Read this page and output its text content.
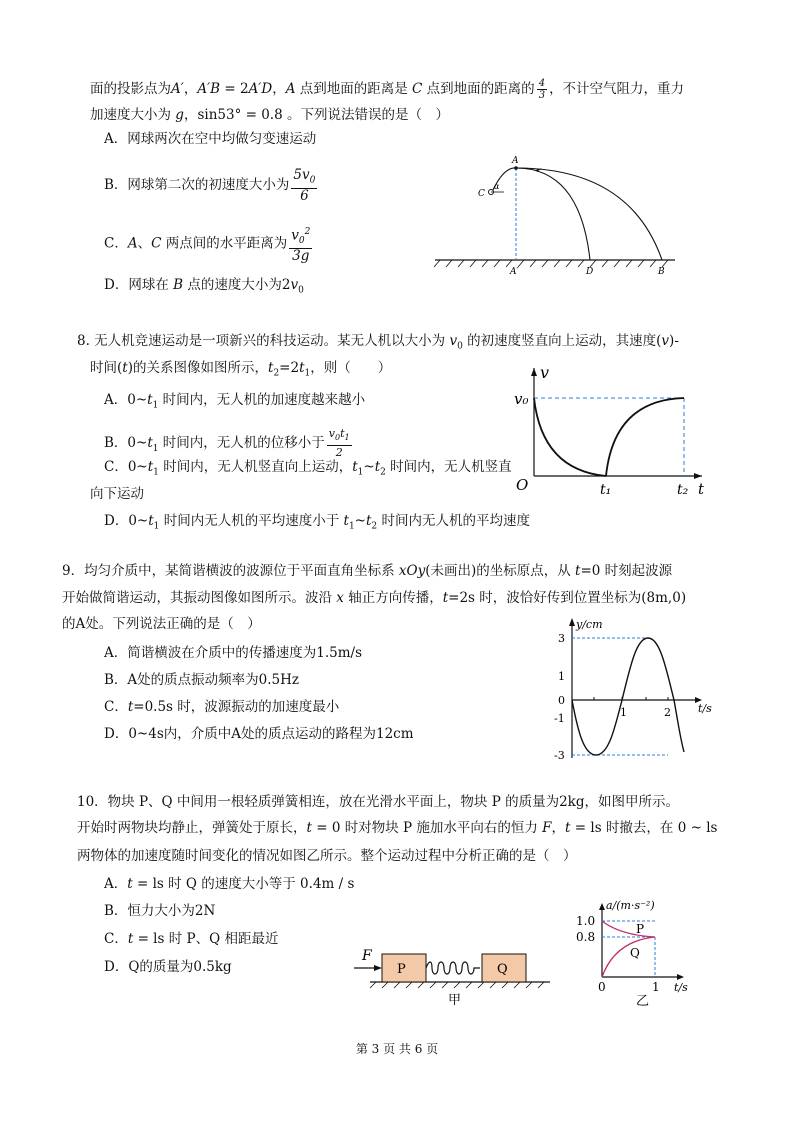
面的投影点为A′，A′B = 2A′D，A 点到地面的距离是 C 点到地面的距离的 $\frac{4}{3}$ ，不计空气阻力，重力
加速度大小为 g，sin53° = 0.8 。下列说法错误的是（　）
A．网球两次在空中均做匀变速运动
B．网球第二次的初速度大小为 $\frac{5v_0}{6}$
C．A、C 两点间的水平距离为 $\frac{v_0^2}{3g}$
D．网球在 B 点的速度大小为$2v_0$
A
C
α
A′	D	B
8. 无人机竞速运动是一项新兴的科技运动。某无人机以大小为 $v_0$ 的初速度竖直向上运动，其速度(v)-
时间(t)的关系图像如图所示，$t_2=2t_1$，则（　　）
A．$0\sim t_1$ 时间内，无人机的加速度越来越小
B．$0\sim t_1$ 时间内，无人机的位移小于 $\frac{v_0t_1}{2}$
C．$0\sim t_1$ 时间内，无人机竖直向上运动，$t_1\sim t_2$ 时间内，无人机竖直
向下运动
D．$0\sim t_1$ 时间内无人机的平均速度小于 $t_1\sim t_2$ 时间内无人机的平均速度
v
v₀
O	t₁	t₂ t
9．均匀介质中，某简谐横波的波源位于平面直角坐标系 xOy(未画出)的坐标原点，从 t=0 时刻起波源
开始做简谐运动，其振动图像如图所示。波沿 x 轴正方向传播，t=2s 时，波恰好传到位置坐标为(8m,0)
的A处。下列说法正确的是（　）
A．简谐横波在介质中的传播速度为1.5m/s
B．A处的质点振动频率为0.5Hz
C．t=0.5s 时，波源振动的加速度最小
D．0~4s内，介质中A处的质点运动的路程为12cm
y/cm
t/s
3
1
0
-1
-3
1	2
10．物块 P、Q 中间用一根轻质弹簧相连，放在光滑水平面上，物块 P 的质量为2kg，如图甲所示。
开始时两物块均静止，弹簧处于原长，t = 0 时对物块 P 施加水平向右的恒力 F，t = ls 时撤去，在 0 ~ ls
两物体的加速度随时间变化的情况如图乙所示。整个运动过程中分析正确的是（　）
A．t = ls 时 Q 的速度大小等于 0.4m / s
B．恒力大小为2N
C．t = ls 时 P、Q 相距最近
D．Q的质量为0.5kg
F
P	Q
甲
a/(m·s⁻²)
1.0
0.8
P
Q
0	1 t/s
乙
第 3 页 共 6 页
